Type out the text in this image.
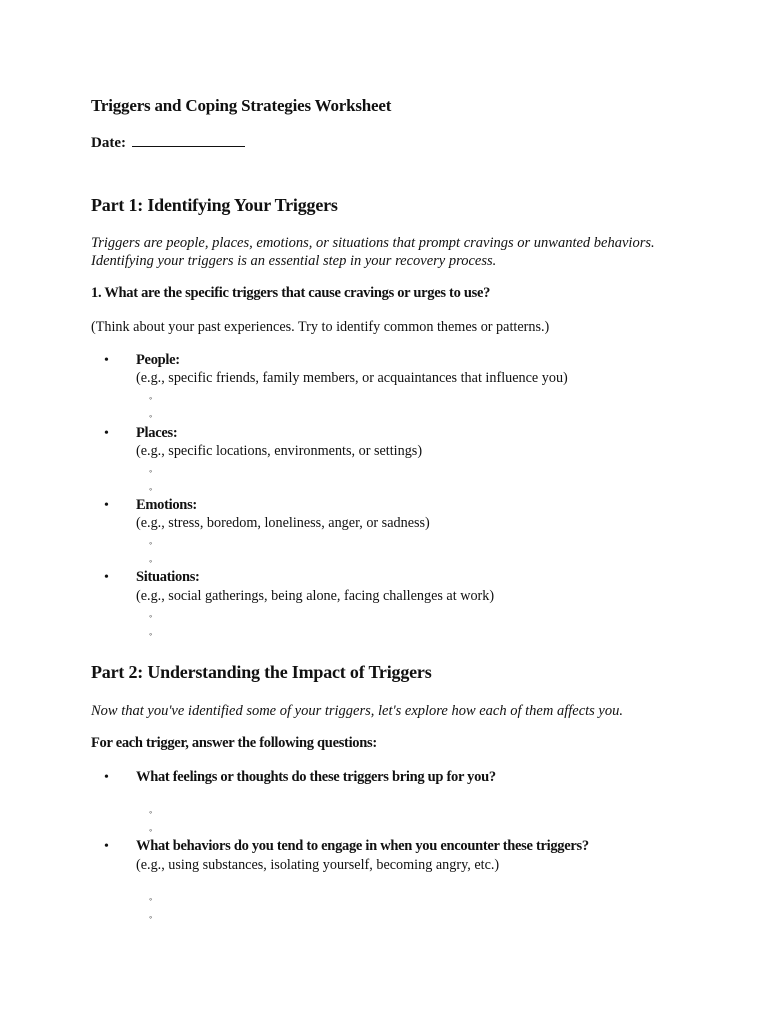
Triggers and Coping Strategies Worksheet
Date:
Part 1: Identifying Your Triggers

Triggers are people, places, emotions, or situations that prompt cravings or unwanted behaviors.

Identifying your triggers is an essential step in your recovery process.

1. What are the specific triggers that cause cravings or urges to use?

(Think about your past experiences. Try to identify common themes or patterns.)

• People:
(e.g., specific friends, family members, or acquaintances that influence you)
◦
◦
• Places:
(e.g., specific locations, environments, or settings)
◦
◦
• Emotions:
(e.g., stress, boredom, loneliness, anger, or sadness)
◦
◦
• Situations:
(e.g., social gatherings, being alone, facing challenges at work)
◦
◦
Part 2: Understanding the Impact of Triggers

Now that you've identified some of your triggers, let's explore how each of them affects you.

For each trigger, answer the following questions:

• What feelings or thoughts do these triggers bring up for you?
◦
◦
• What behaviors do you tend to engage in when you encounter these triggers?
(e.g., using substances, isolating yourself, becoming angry, etc.)
◦
◦
